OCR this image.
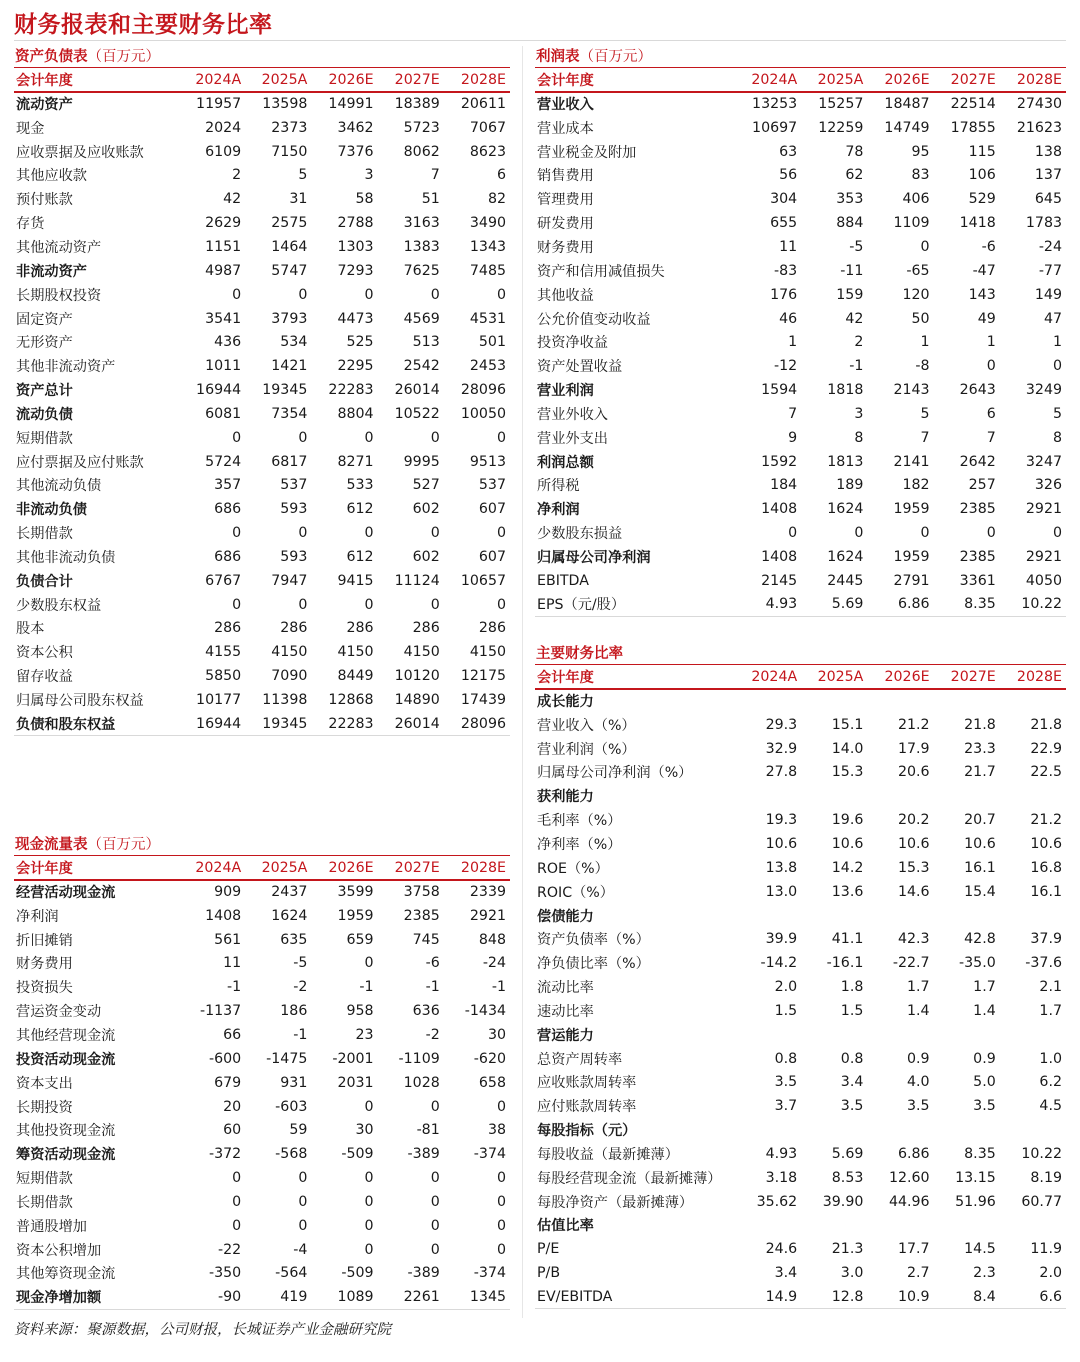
财务报表和主要财务比率
资产负债表（百万元）
会计年度	2024A	2025A	2026E	2027E	2028E
流动资产	11957	13598	14991	18389	20611
现金	2024	2373	3462	5723	7067
应收票据及应收账款	6109	7150	7376	8062	8623
其他应收款	2	5	3	7	6
预付账款	42	31	58	51	82
存货	2629	2575	2788	3163	3490
其他流动资产	1151	1464	1303	1383	1343
非流动资产	4987	5747	7293	7625	7485
长期股权投资	0	0	0	0	0
固定资产	3541	3793	4473	4569	4531
无形资产	436	534	525	513	501
其他非流动资产	1011	1421	2295	2542	2453
资产总计	16944	19345	22283	26014	28096
流动负债	6081	7354	8804	10522	10050
短期借款	0	0	0	0	0
应付票据及应付账款	5724	6817	8271	9995	9513
其他流动负债	357	537	533	527	537
非流动负债	686	593	612	602	607
长期借款	0	0	0	0	0
其他非流动负债	686	593	612	602	607
负债合计	6767	7947	9415	11124	10657
少数股东权益	0	0	0	0	0
股本	286	286	286	286	286
资本公积	4155	4150	4150	4150	4150
留存收益	5850	7090	8449	10120	12175
归属母公司股东权益	10177	11398	12868	14890	17439
负债和股东权益	16944	19345	22283	26014	28096
现金流量表（百万元）
会计年度	2024A	2025A	2026E	2027E	2028E
经营活动现金流	909	2437	3599	3758	2339
净利润	1408	1624	1959	2385	2921
折旧摊销	561	635	659	745	848
财务费用	11	-5	0	-6	-24
投资损失	-1	-2	-1	-1	-1
营运资金变动	-1137	186	958	636	-1434
其他经营现金流	66	-1	23	-2	30
投资活动现金流	-600	-1475	-2001	-1109	-620
资本支出	679	931	2031	1028	658
长期投资	20	-603	0	0	0
其他投资现金流	60	59	30	-81	38
筹资活动现金流	-372	-568	-509	-389	-374
短期借款	0	0	0	0	0
长期借款	0	0	0	0	0
普通股增加	0	0	0	0	0
资本公积增加	-22	-4	0	0	0
其他筹资现金流	-350	-564	-509	-389	-374
现金净增加额	-90	419	1089	2261	1345
利润表（百万元）
会计年度	2024A	2025A	2026E	2027E	2028E
营业收入	13253	15257	18487	22514	27430
营业成本	10697	12259	14749	17855	21623
营业税金及附加	63	78	95	115	138
销售费用	56	62	83	106	137
管理费用	304	353	406	529	645
研发费用	655	884	1109	1418	1783
财务费用	11	-5	0	-6	-24
资产和信用减值损失	-83	-11	-65	-47	-77
其他收益	176	159	120	143	149
公允价值变动收益	46	42	50	49	47
投资净收益	1	2	1	1	1
资产处置收益	-12	-1	-8	0	0
营业利润	1594	1818	2143	2643	3249
营业外收入	7	3	5	6	5
营业外支出	9	8	7	7	8
利润总额	1592	1813	2141	2642	3247
所得税	184	189	182	257	326
净利润	1408	1624	1959	2385	2921
少数股东损益	0	0	0	0	0
归属母公司净利润	1408	1624	1959	2385	2921
EBITDA	2145	2445	2791	3361	4050
EPS（元/股）	4.93	5.69	6.86	8.35	10.22
主要财务比率
会计年度	2024A	2025A	2026E	2027E	2028E
成长能力					
营业收入（%）	29.3	15.1	21.2	21.8	21.8
营业利润（%）	32.9	14.0	17.9	23.3	22.9
归属母公司净利润（%）	27.8	15.3	20.6	21.7	22.5
获利能力					
毛利率（%）	19.3	19.6	20.2	20.7	21.2
净利率（%）	10.6	10.6	10.6	10.6	10.6
ROE（%）	13.8	14.2	15.3	16.1	16.8
ROIC（%）	13.0	13.6	14.6	15.4	16.1
偿债能力					
资产负债率（%）	39.9	41.1	42.3	42.8	37.9
净负债比率（%）	-14.2	-16.1	-22.7	-35.0	-37.6
流动比率	2.0	1.8	1.7	1.7	2.1
速动比率	1.5	1.5	1.4	1.4	1.7
营运能力					
总资产周转率	0.8	0.8	0.9	0.9	1.0
应收账款周转率	3.5	3.4	4.0	5.0	6.2
应付账款周转率	3.7	3.5	3.5	3.5	4.5
每股指标（元）					
每股收益（最新摊薄）	4.93	5.69	6.86	8.35	10.22
每股经营现金流（最新摊薄）	3.18	8.53	12.60	13.15	8.19
每股净资产（最新摊薄）	35.62	39.90	44.96	51.96	60.77
估值比率					
P/E	24.6	21.3	17.7	14.5	11.9
P/B	3.4	3.0	2.7	2.3	2.0
EV/EBITDA	14.9	12.8	10.9	8.4	6.6
资料来源：聚源数据，公司财报，长城证券产业金融研究院
